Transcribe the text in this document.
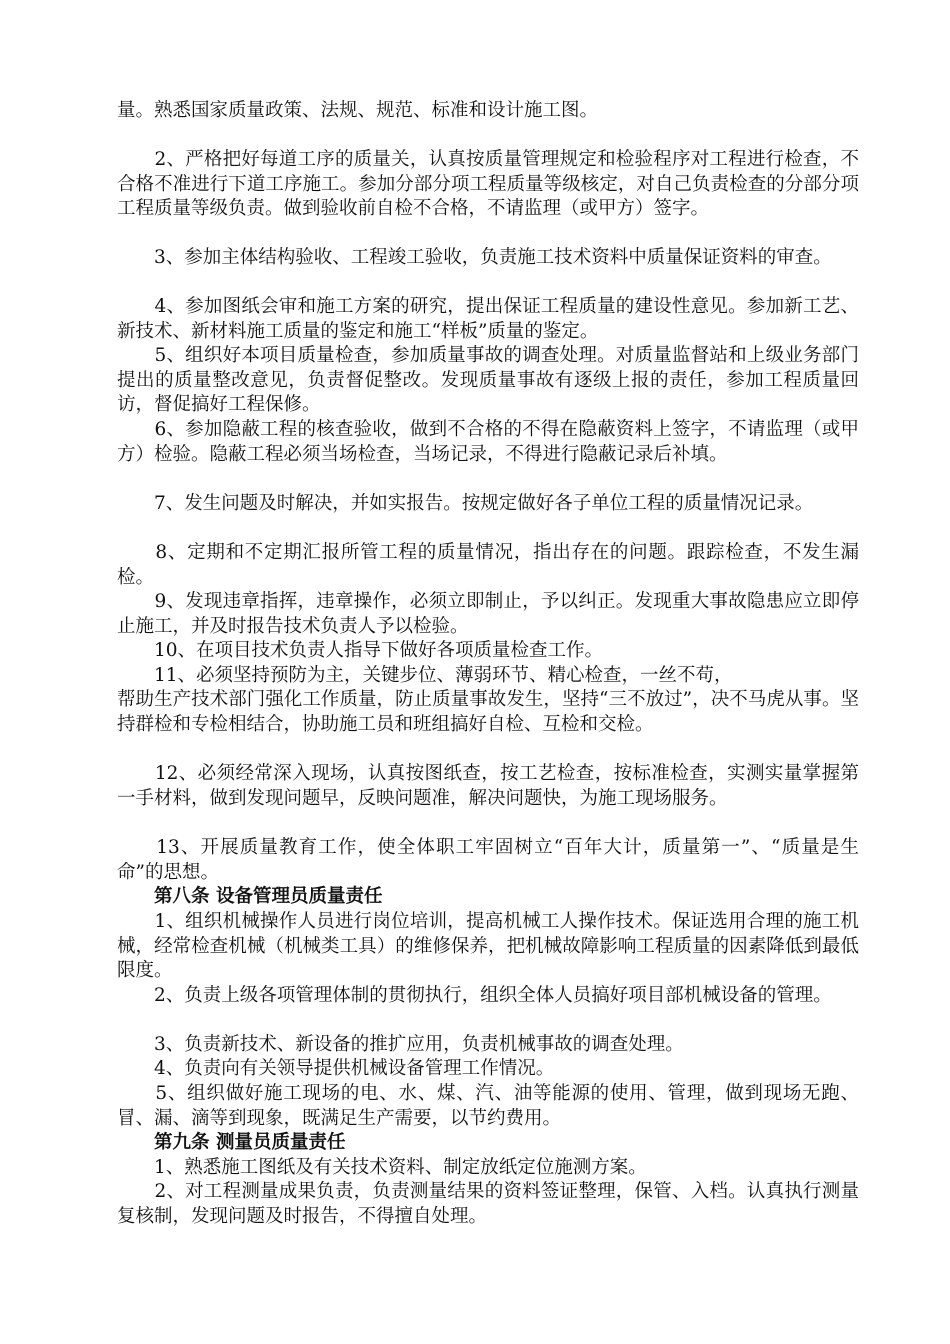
量。熟悉国家质量政策、法规、规范、标准和设计施工图。

　　2、严格把好每道工序的质量关，认真按质量管理规定和检验程序对工程进行检查，不合格不准进行下道工序施工。参加分部分项工程质量等级核定，对自己负责检查的分部分项工程质量等级负责。做到验收前自检不合格，不请监理（或甲方）签字。

　　3、参加主体结构验收、工程竣工验收，负责施工技术资料中质量保证资料的审查。

　　4、参加图纸会审和施工方案的研究，提出保证工程质量的建设性意见。参加新工艺、新技术、新材料施工质量的鉴定和施工“样板”质量的鉴定。

　　5、组织好本项目质量检查，参加质量事故的调查处理。对质量监督站和上级业务部门提出的质量整改意见，负责督促整改。发现质量事故有逐级上报的责任，参加工程质量回访，督促搞好工程保修。

　　6、参加隐蔽工程的核查验收，做到不合格的不得在隐蔽资料上签字，不请监理（或甲方）检验。隐蔽工程必须当场检查，当场记录，不得进行隐蔽记录后补填。

　　7、发生问题及时解决，并如实报告。按规定做好各子单位工程的质量情况记录。

　　8、定期和不定期汇报所管工程的质量情况，指出存在的问题。跟踪检查，不发生漏检。

　　9、发现违章指挥，违章操作，必须立即制止，予以纠正。发现重大事故隐患应立即停止施工，并及时报告技术负责人予以检验。

　　10、在项目技术负责人指导下做好各项质量检查工作。

　　11、必须坚持预防为主，关键步位、薄弱环节、精心检查，一丝不苟，

帮助生产技术部门强化工作质量，防止质量事故发生，坚持“三不放过”，决不马虎从事。坚持群检和专检相结合，协助施工员和班组搞好自检、互检和交检。

　　12、必须经常深入现场，认真按图纸查，按工艺检查，按标准检查，实测实量掌握第一手材料，做到发现问题早，反映问题准，解决问题快，为施工现场服务。

　　13、开展质量教育工作，使全体职工牢固树立“百年大计，质量第一”、“质量是生命”的思想。

　　第八条 设备管理员质量责任

　　1、组织机械操作人员进行岗位培训，提高机械工人操作技术。保证选用合理的施工机械，经常检查机械（机械类工具）的维修保养，把机械故障影响工程质量的因素降低到最低限度。

　　2、负责上级各项管理体制的贯彻执行，组织全体人员搞好项目部机械设备的管理。

　　3、负责新技术、新设备的推扩应用，负责机械事故的调查处理。

　　4、负责向有关领导提供机械设备管理工作情况。

　　5、组织做好施工现场的电、水、煤、汽、油等能源的使用、管理，做到现场无跑、冒、漏、滴等到现象，既满足生产需要，以节约费用。

　　第九条 测量员质量责任

　　1、熟悉施工图纸及有关技术资料、制定放纸定位施测方案。

　　2、对工程测量成果负责，负责测量结果的资料签证整理，保管、入档。认真执行测量复核制，发现问题及时报告，不得擅自处理。
